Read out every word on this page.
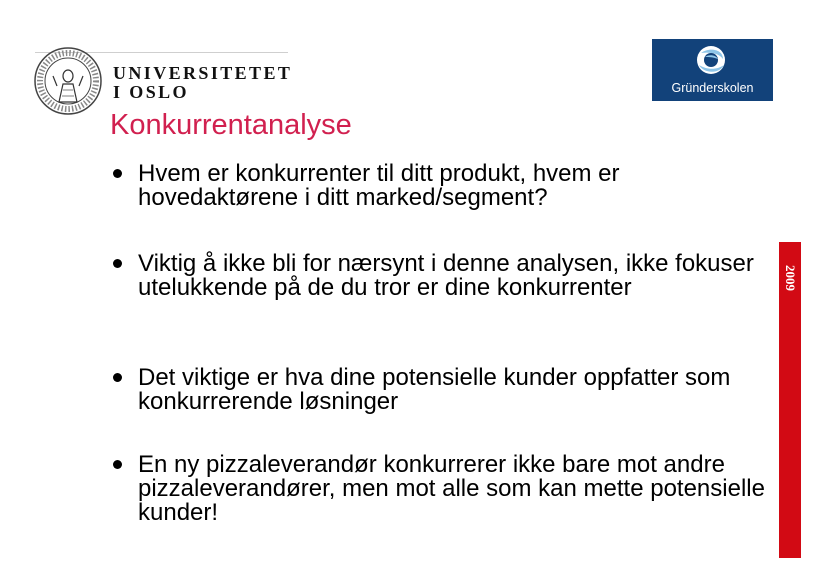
UNIVERSITETET
I OSLO	Gründerskolen
Konkurrentanalyse
Hvem er konkurrenter til ditt produkt, hvem er hovedaktørene i ditt marked/segment?
Viktig å ikke bli for nærsynt i denne analysen, ikke fokuser utelukkende på de du tror er dine konkurrenter
Det viktige er hva dine potensielle kunder oppfatter som konkurrerende løsninger
En ny pizzaleverandør konkurrerer ikke bare mot andre pizzaleverandører, men mot alle som kan mette potensielle kunder!
2009
